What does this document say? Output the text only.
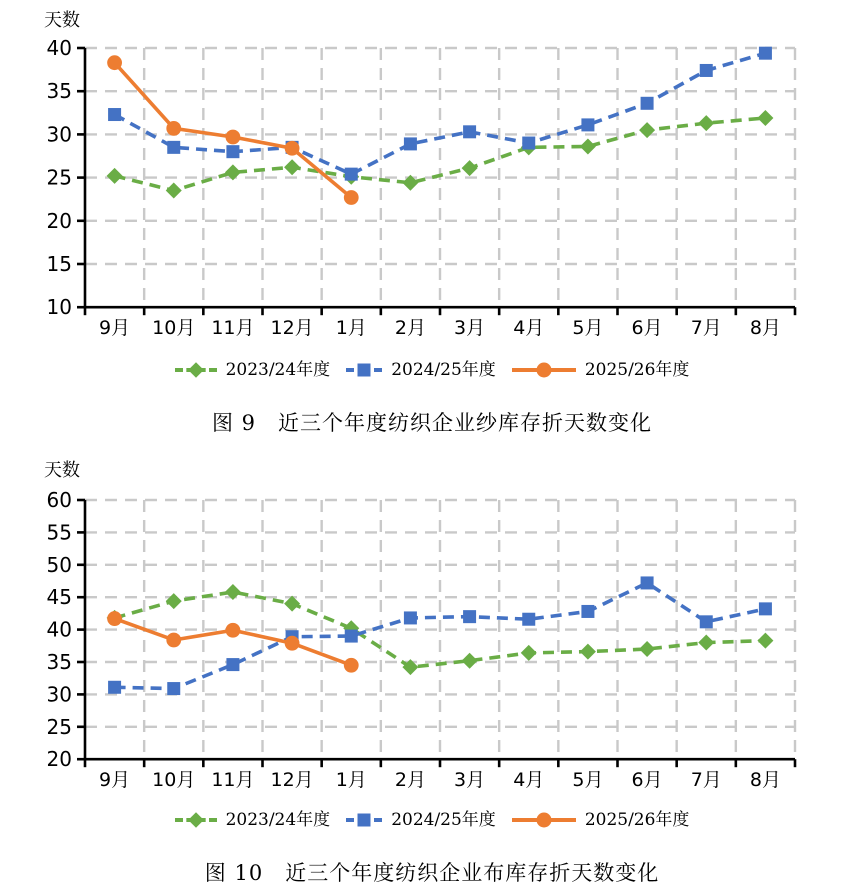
10
15
20
25
30
35
40
9月 10月 11月 12月 1月 2月 3月 4月 5月 6月 7月 8月
天数
2023/24年度	2024/25年度	2025/26年度
图 9　近三个年度纺织企业纱库存折天数变化
20
25
30
35
40
45
50
55
60
9月 10月 11月 12月 1月 2月 3月 4月 5月 6月 7月 8月
天数
2023/24年度	2024/25年度	2025/26年度
图 10　近三个年度纺织企业布库存折天数变化
